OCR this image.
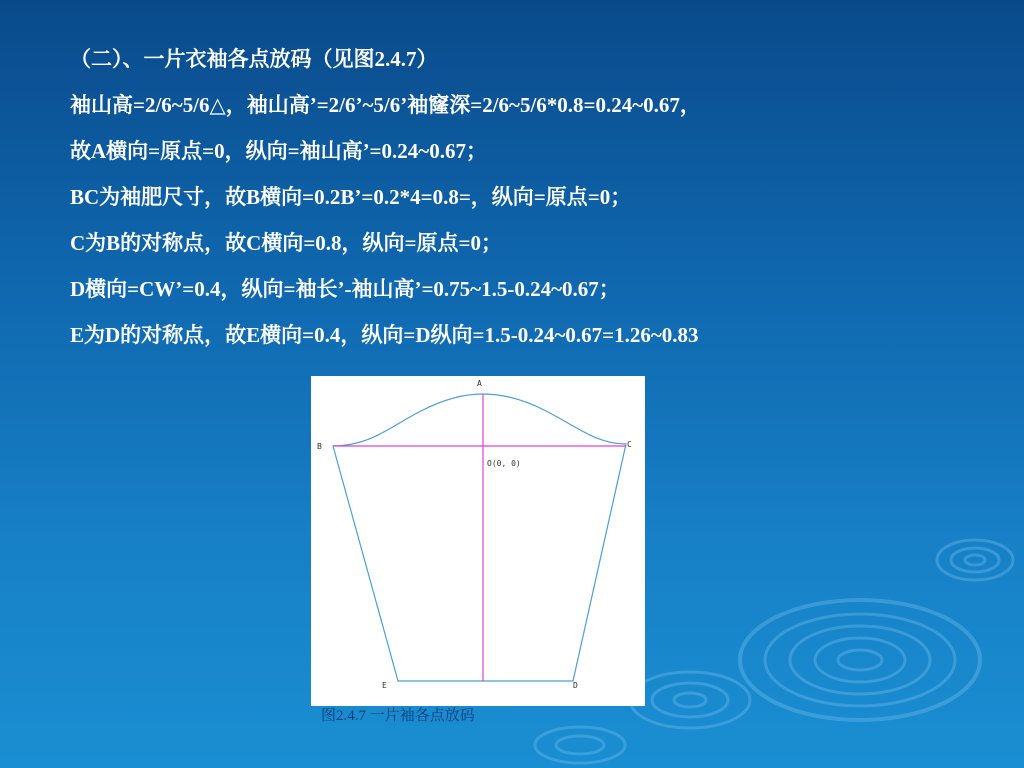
（二）、一片衣袖各点放码（见图2.4.7）
袖山高=2/6~5/6△，袖山高’=2/6’~5/6’袖窿深=2/6~5/6*0.8=0.24~0.67，
故A横向=原点=0，纵向=袖山高’=0.24~0.67；
BC为袖肥尺寸，故B横向=0.2B’=0.2*4=0.8=，纵向=原点=0；
C为B的对称点，故C横向=0.8，纵向=原点=0；
D横向=CW’=0.4，纵向=袖长’-袖山高’=0.75~1.5-0.24~0.67；
E为D的对称点，故E横向=0.4，纵向=D纵向=1.5-0.24~0.67=1.26~0.83
A
B	C
D
E
O(0, 0)
图2.4.7 一片袖各点放码
